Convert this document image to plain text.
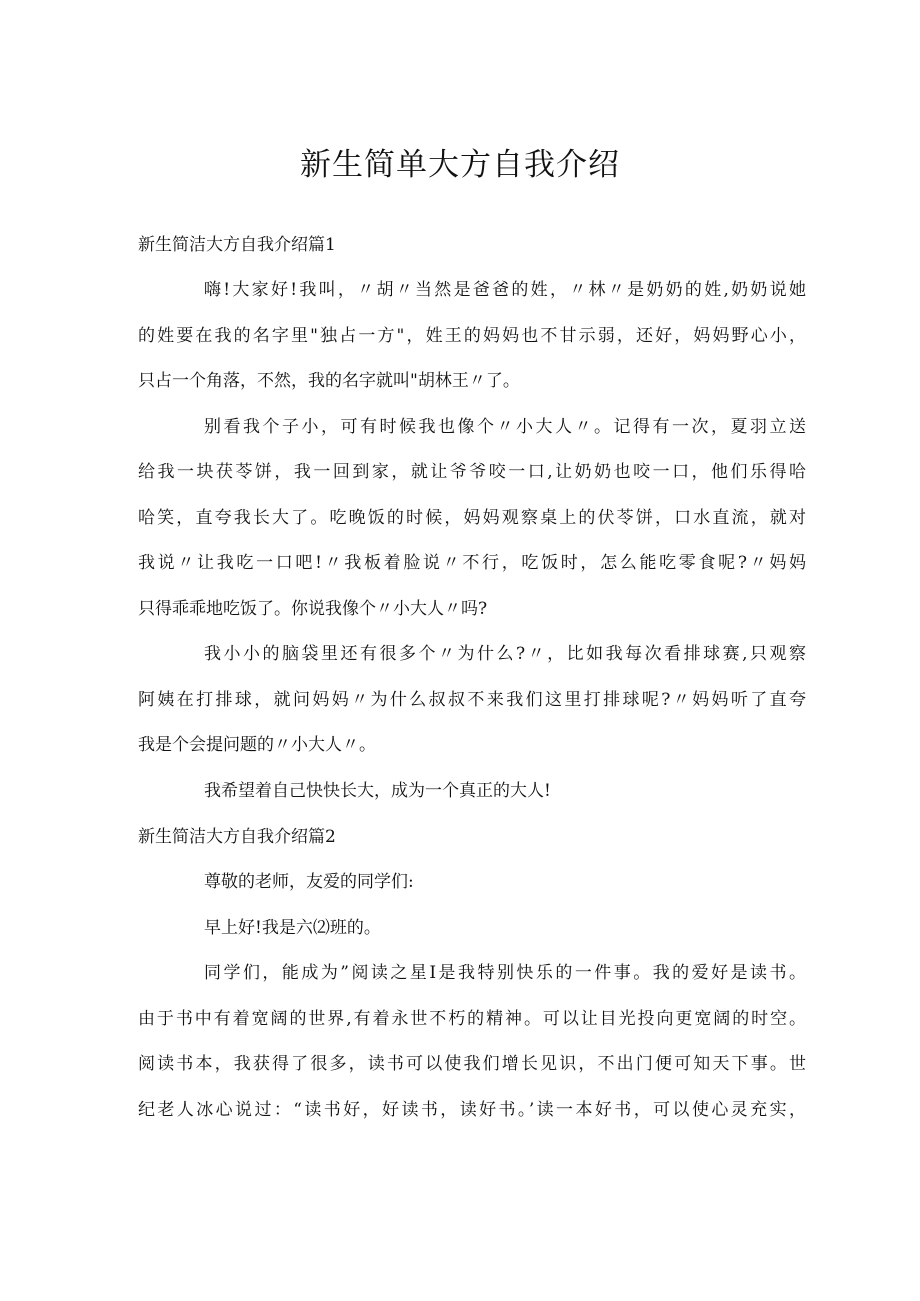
新生简单大方自我介绍
新生简洁大方自我介绍篇1
嗨!大家好!我叫，〃胡〃当然是爸爸的姓，〃林〃是奶奶的姓,奶奶说她
的姓要在我的名字里"独占一方"，姓王的妈妈也不甘示弱，还好，妈妈野心小，
只占一个角落，不然，我的名字就叫"胡林王〃了。
别看我个子小，可有时候我也像个〃小大人〃。记得有一次，夏羽立送
给我一块茯苓饼，我一回到家，就让爷爷咬一口,让奶奶也咬一口，他们乐得哈
哈笑，直夸我长大了。吃晚饭的时候，妈妈观察桌上的伏苓饼，口水直流，就对
我说〃让我吃一口吧!〃我板着脸说〃不行，吃饭时，怎么能吃零食呢?〃妈妈
只得乖乖地吃饭了。你说我像个〃小大人〃吗?
我小小的脑袋里还有很多个〃为什么?〃，比如我每次看排球赛,只观察
阿姨在打排球，就问妈妈〃为什么叔叔不来我们这里打排球呢?〃妈妈听了直夸
我是个会提问题的〃小大人〃。
我希望着自己快快长大，成为一个真正的大人!
新生简洁大方自我介绍篇2
尊敬的老师，友爱的同学们:
早上好!我是六⑵班的。
同学们，能成为”阅读之星I是我特别快乐的一件事。我的爱好是读书。
由于书中有着宽阔的世界,有着永世不朽的精神。可以让目光投向更宽阔的时空。
阅读书本，我获得了很多，读书可以使我们增长见识，不出门便可知天下事。世
纪老人冰心说过：“读书好，好读书，读好书。’读一本好书，可以使心灵充实，
